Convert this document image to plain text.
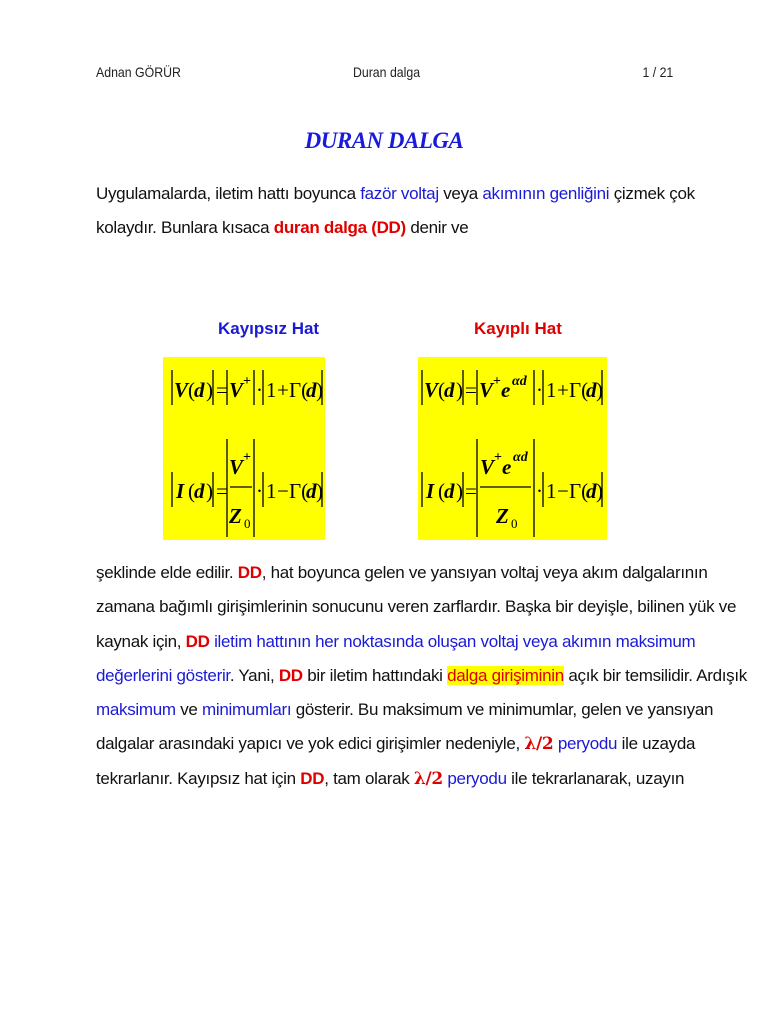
Adnan GÖRÜR	Duran dalga	1 / 21
DURAN DALGA
Uygulamalarda, iletim hattı boyunca fazör voltaj veya akımının genliğini çizmek çok
kolaydır. Bunlara kısaca duran dalga (DD) denir ve
Kayıpsız Hat	Kayıplı Hat
V ( d ) = V + · 1 + Γ(
d )
I ( d ) =
V +
Z 0
· 1 − Γ(
d )
V ( d ) = V + e αd · 1 + Γ(
d )
I ( d ) =
V + e αd
Z 0
· 1 − Γ(
d )
şeklinde elde edilir. DD, hat boyunca gelen ve yansıyan voltaj veya akım dalgalarının
zamana bağımlı girişimlerinin sonucunu veren zarflardır. Başka bir deyişle, bilinen yük ve
kaynak için, DD iletim hattının her noktasında oluşan voltaj veya akımın maksimum
değerlerini gösterir. Yani, DD bir iletim hattındaki dalga girişiminin açık bir temsilidir. Ardışık
maksimum ve minimumları gösterir. Bu maksimum ve minimumlar, gelen ve yansıyan
dalgalar arasındaki yapıcı ve yok edici girişimler nedeniyle, λ/2 peryodu ile uzayda
tekrarlanır. Kayıpsız hat için DD, tam olarak λ/2 peryodu ile tekrarlanarak, uzayın
